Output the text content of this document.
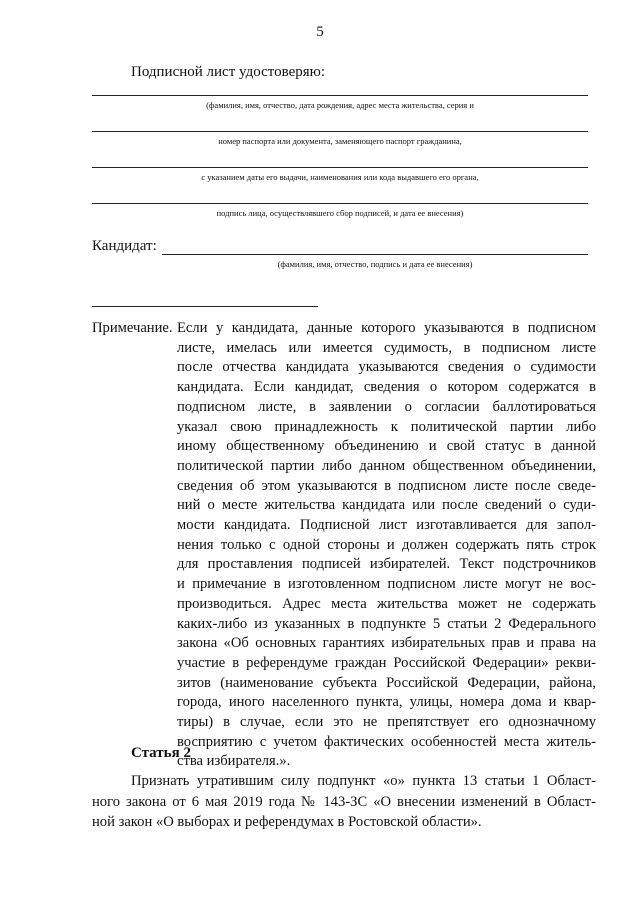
5
Подписной лист удостоверяю:
(фамилия, имя, отчество, дата рождения, адрес места жительства, серия и
номер паспорта или документа, заменяющего паспорт гражданина,
с указанием даты его выдачи, наименования или кода выдавшего его органа,
подпись лица, осуществлявшего сбор подписей, и дата ее внесения)
Кандидат:
(фамилия, имя, отчество, подпись и дата ее внесения)
Примечание. Если у кандидата, данные которого указываются в подписном
листе, имелась или имеется судимость, в подписном листе
после отчества кандидата указываются сведения о судимости
кандидата. Если кандидат, сведения о котором содержатся в
подписном листе, в заявлении о согласии баллотироваться
указал свою принадлежность к политической партии либо
иному общественному объединению и свой статус в данной
политической партии либо данном общественном объединении,
сведения об этом указываются в подписном листе после сведе-
ний о месте жительства кандидата или после сведений о суди-
мости кандидата. Подписной лист изготавливается для запол-
нения только с одной стороны и должен содержать пять строк
для проставления подписей избирателей. Текст подстрочников
и примечание в изготовленном подписном листе могут не вос-
производиться. Адрес места жительства может не содержать
каких-либо из указанных в подпункте 5 статьи 2 Федерального
закона «Об основных гарантиях избирательных прав и права на
участие в референдуме граждан Российской Федерации» рекви-
зитов (наименование субъекта Российской Федерации, района,
города, иного населенного пункта, улицы, номера дома и квар-
тиры) в случае, если это не препятствует его однозначному
восприятию с учетом фактических особенностей места житель-
ства избирателя.».
Статья 2
Признать утратившим силу подпункт «о» пункта 13 статьи 1 Област-
ного закона от 6 мая 2019 года № 143-ЗС «О внесении изменений в Област-
ной закон «О выборах и референдумах в Ростовской области».
